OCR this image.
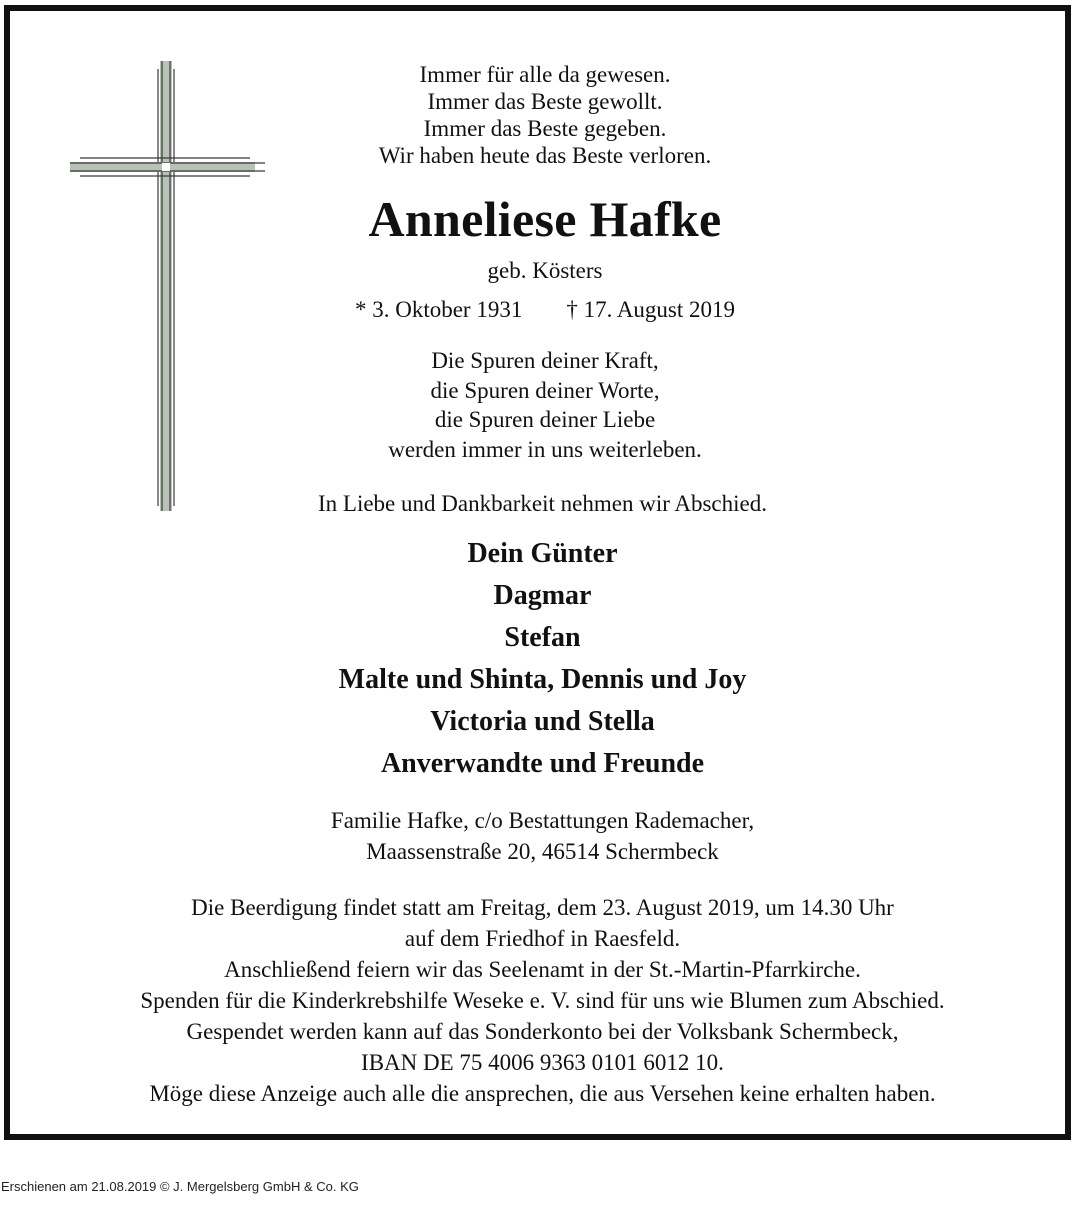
Immer für alle da gewesen.
Immer das Beste gewollt.
Immer das Beste gegeben.
Wir haben heute das Beste verloren.
Anneliese Hafke
geb. Kösters
* 3. Oktober 1931 † 17. August 2019
Die Spuren deiner Kraft,
die Spuren deiner Worte,
die Spuren deiner Liebe
werden immer in uns weiterleben.
In Liebe und Dankbarkeit nehmen wir Abschied.
Dein Günter
Dagmar
Stefan
Malte und Shinta, Dennis und Joy
Victoria und Stella
Anverwandte und Freunde
Familie Hafke, c/o Bestattungen Rademacher,
Maassenstraße 20, 46514 Schermbeck
Die Beerdigung findet statt am Freitag, dem 23. August 2019, um 14.30 Uhr
auf dem Friedhof in Raesfeld.
Anschließend feiern wir das Seelenamt in der St.-Martin-Pfarrkirche.
Spenden für die Kinderkrebshilfe Weseke e. V. sind für uns wie Blumen zum Abschied.
Gespendet werden kann auf das Sonderkonto bei der Volksbank Schermbeck,
IBAN DE 75 4006 9363 0101 6012 10.
Möge diese Anzeige auch alle die ansprechen, die aus Versehen keine erhalten haben.
Erschienen am 21.08.2019 © J. Mergelsberg GmbH & Co. KG
